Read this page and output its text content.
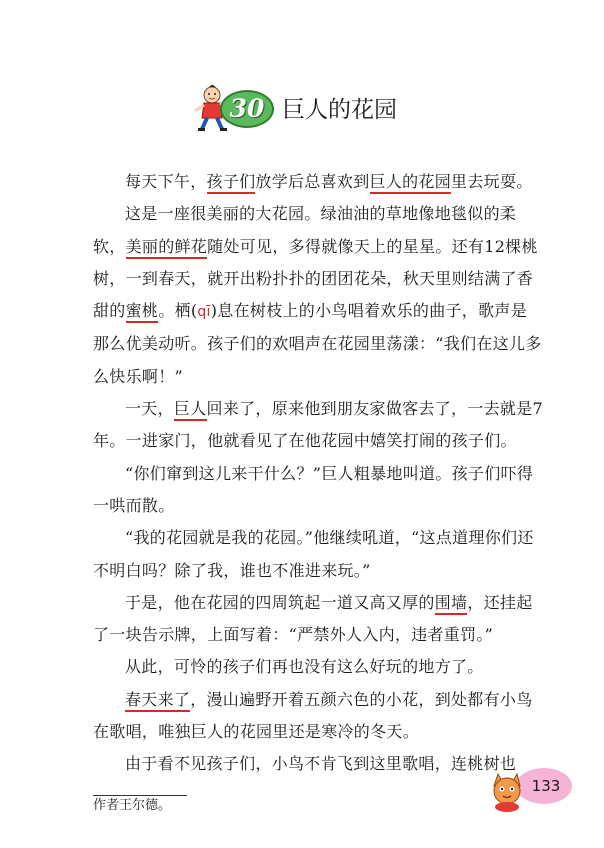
30 巨人的花园

每天下午，孩子们放学后总喜欢到巨人的花园里去玩耍。

这是一座很美丽的大花园。绿油油的草地像地毯似的柔软，美丽的鲜花随处可见，多得就像天上的星星。还有12棵桃树，一到春天，就开出粉扑扑的团团花朵，秋天里则结满了香甜的蜜桃。栖(qī)息在树枝上的小鸟唱着欢乐的曲子，歌声是那么优美动听。孩子们的欢唱声在花园里荡漾：“我们在这儿多么快乐啊！”

一天，巨人回来了，原来他到朋友家做客去了，一去就是7年。一进家门，他就看见了在他花园中嬉笑打闹的孩子们。

“你们窜到这儿来干什么？”巨人粗暴地叫道。孩子们吓得一哄而散。

“我的花园就是我的花园。”他继续吼道，“这点道理你们还不明白吗？除了我，谁也不准进来玩。”

于是，他在花园的四周筑起一道又高又厚的围墙，还挂起了一块告示牌，上面写着：“严禁外人入内，违者重罚。”

从此，可怜的孩子们再也没有这么好玩的地方了。

春天来了，漫山遍野开着五颜六色的小花，到处都有小鸟在歌唱，唯独巨人的花园里还是寒冷的冬天。

由于看不见孩子们，小鸟不肯飞到这里歌唱，连桃树也

作者王尔德。
133
